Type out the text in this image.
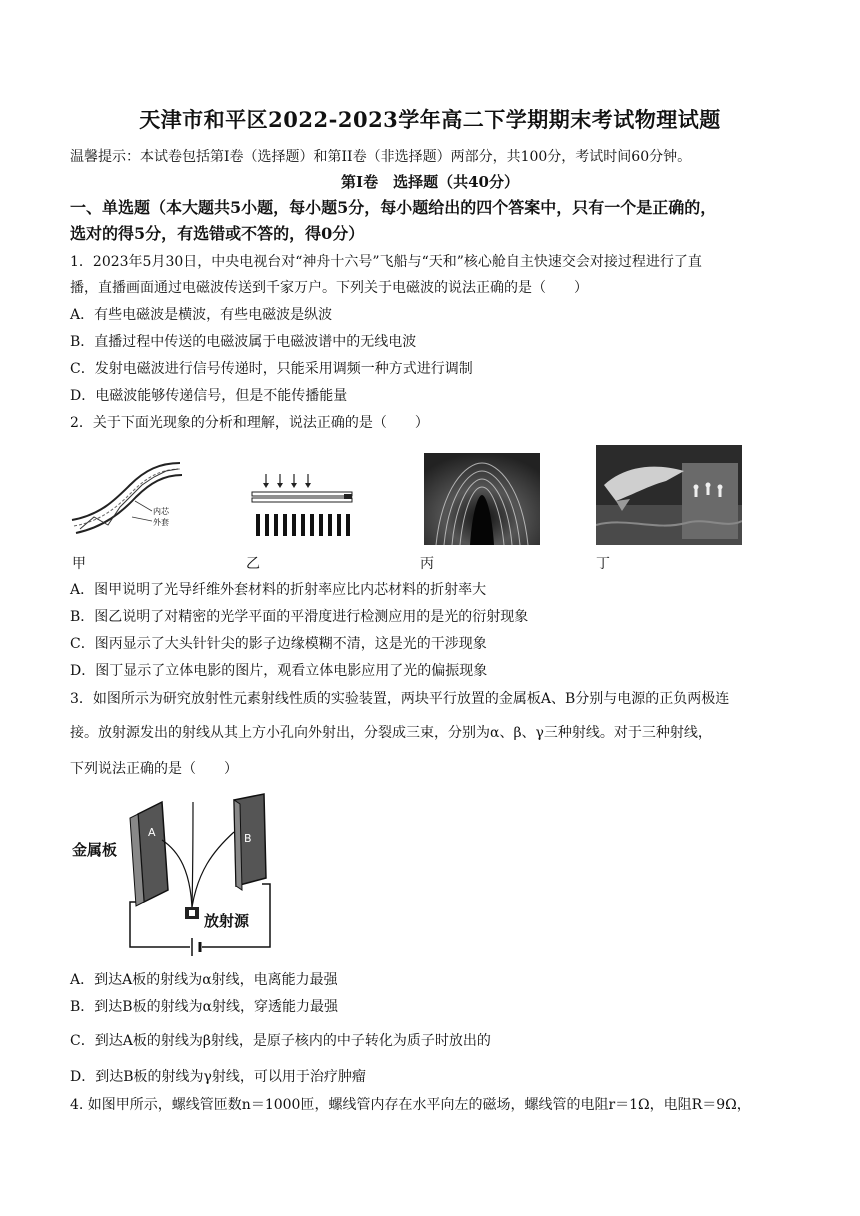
天津市和平区2022-2023学年高二下学期期末考试物理试题
温馨提示：本试卷包括第I卷（选择题）和第II卷（非选择题）两部分，共100分，考试时间60分钟。
第I卷　选择题（共40分）
一、单选题（本大题共5小题，每小题5分，每小题给出的四个答案中，只有一个是正确的，
选对的得5分，有选错或不答的，得0分）
1．2023年5月30日，中央电视台对“神舟十六号”飞船与“天和”核心舱自主快速交会对接过程进行了直
播，直播画面通过电磁波传送到千家万户。下列关于电磁波的说法正确的是（　　）
A．有些电磁波是横波，有些电磁波是纵波
B．直播过程中传送的电磁波属于电磁波谱中的无线电波
C．发射电磁波进行信号传递时，只能采用调频一种方式进行调制
D．电磁波能够传递信号，但是不能传播能量
2．关于下面光现象的分析和理解，说法正确的是（　　）
内芯
外套
甲	乙	丙	丁
A．图甲说明了光导纤维外套材料的折射率应比内芯材料的折射率大
B．图乙说明了对精密的光学平面的平滑度进行检测应用的是光的衍射现象
C．图丙显示了大头针针尖的影子边缘模糊不清，这是光的干涉现象
D．图丁显示了立体电影的图片，观看立体电影应用了光的偏振现象
3．如图所示为研究放射性元素射线性质的实验装置，两块平行放置的金属板A、B分别与电源的正负两极连
接。放射源发出的射线从其上方小孔向外射出，分裂成三束，分别为α、β、γ三种射线。对于三种射线，
下列说法正确的是（　　）
A	B
放射源
金属板
A．到达A板的射线为α射线，电离能力最强
B．到达B板的射线为α射线，穿透能力最强
C．到达A板的射线为β射线，是原子核内的中子转化为质子时放出的
D．到达B板的射线为γ射线，可以用于治疗肿瘤
4. 如图甲所示，螺线管匝数n＝1000匝，螺线管内存在水平向左的磁场，螺线管的电阻r＝1Ω，电阻R＝9Ω，
